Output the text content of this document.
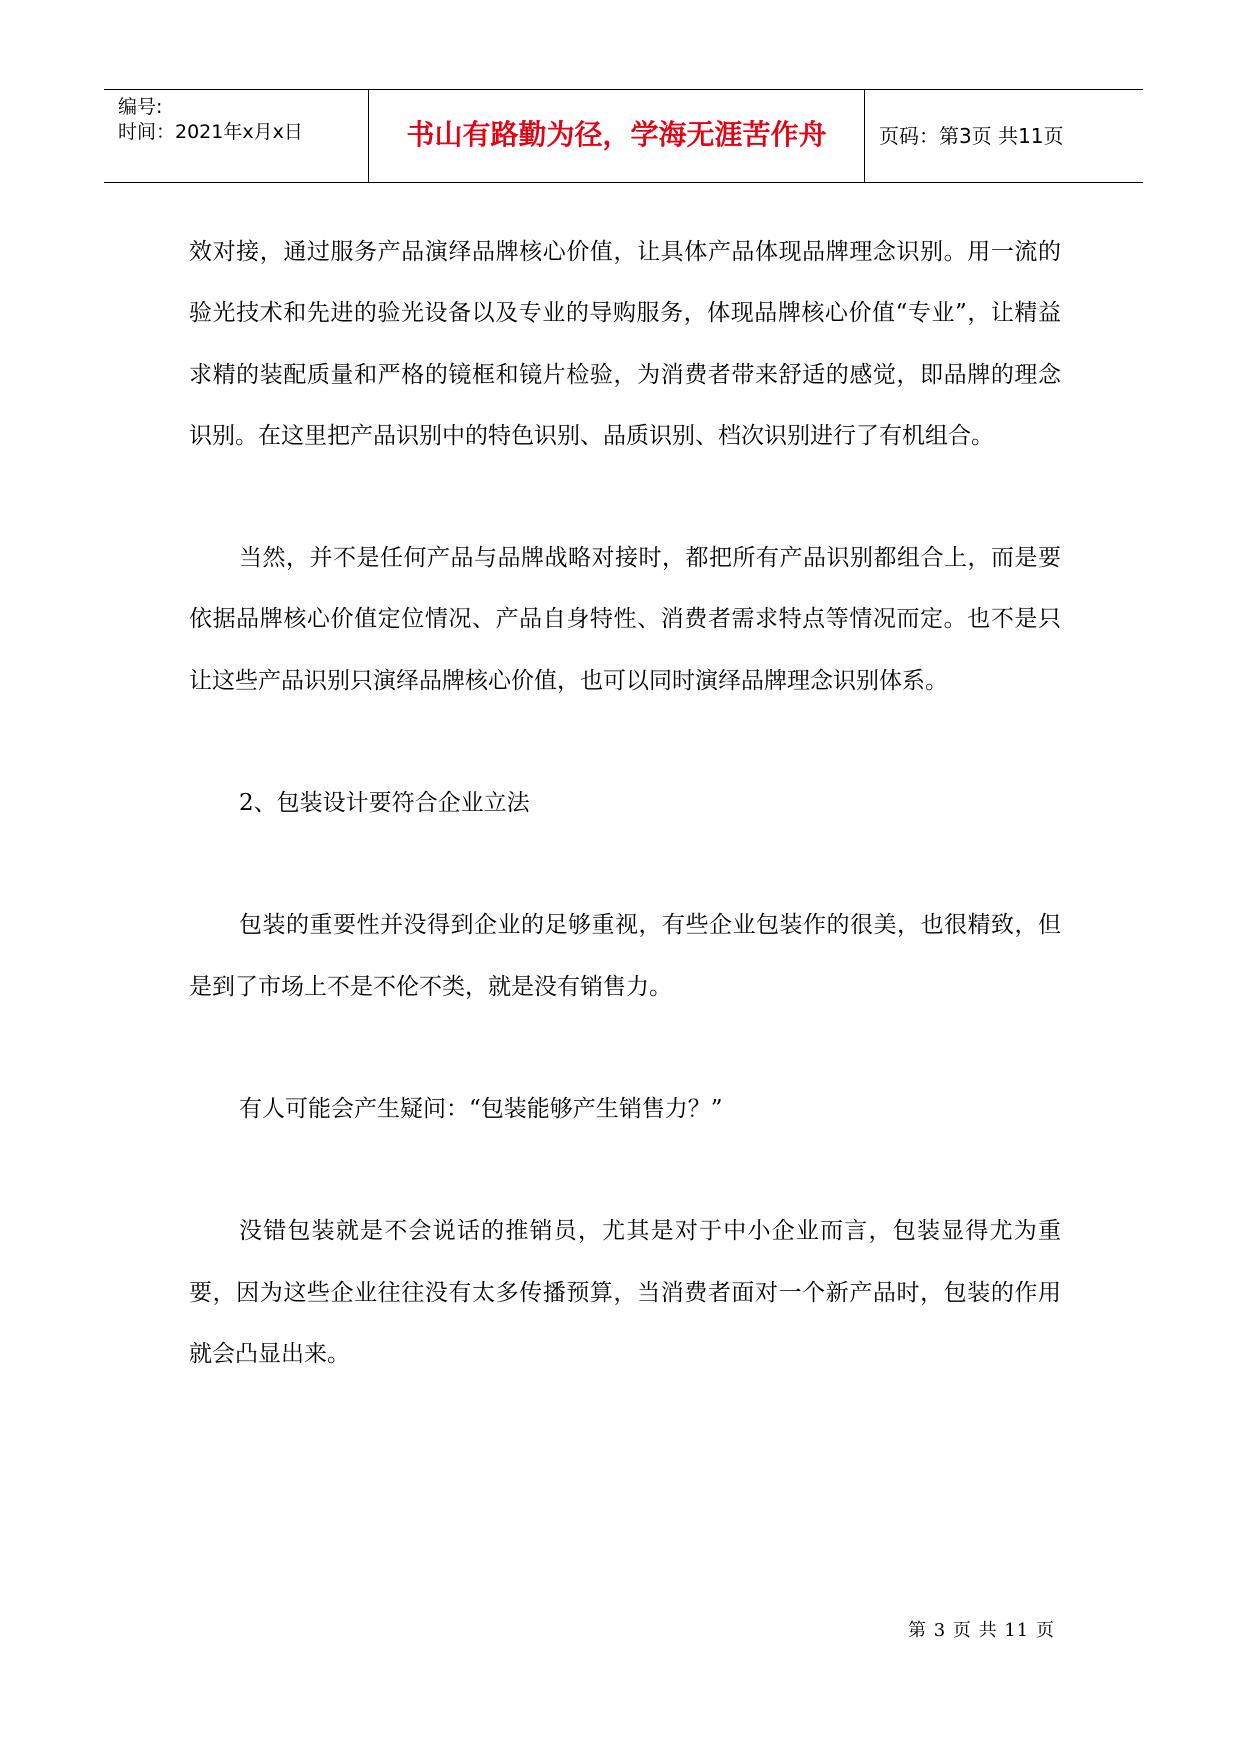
编号:
时间：2021年x月x日	书山有路勤为径，学海无涯苦作舟	页码：第3页 共11页

效对接，通过服务产品演绎品牌核心价值，让具体产品体现品牌理念识别。用一流的验光技术和先进的验光设备以及专业的导购服务，体现品牌核心价值“专业”，让精益求精的装配质量和严格的镜框和镜片检验，为消费者带来舒适的感觉，即品牌的理念识别。在这里把产品识别中的特色识别、品质识别、档次识别进行了有机组合。

当然，并不是任何产品与品牌战略对接时，都把所有产品识别都组合上，而是要依据品牌核心价值定位情况、产品自身特性、消费者需求特点等情况而定。也不是只让这些产品识别只演绎品牌核心价值，也可以同时演绎品牌理念识别体系。

2、包装设计要符合企业立法

包装的重要性并没得到企业的足够重视，有些企业包装作的很美，也很精致，但是到了市场上不是不伦不类，就是没有销售力。

有人可能会产生疑问：“包装能够产生销售力？”

没错包装就是不会说话的推销员，尤其是对于中小企业而言，包装显得尤为重要，因为这些企业往往没有太多传播预算，当消费者面对一个新产品时，包装的作用就会凸显出来。

第 3 页 共 11 页
